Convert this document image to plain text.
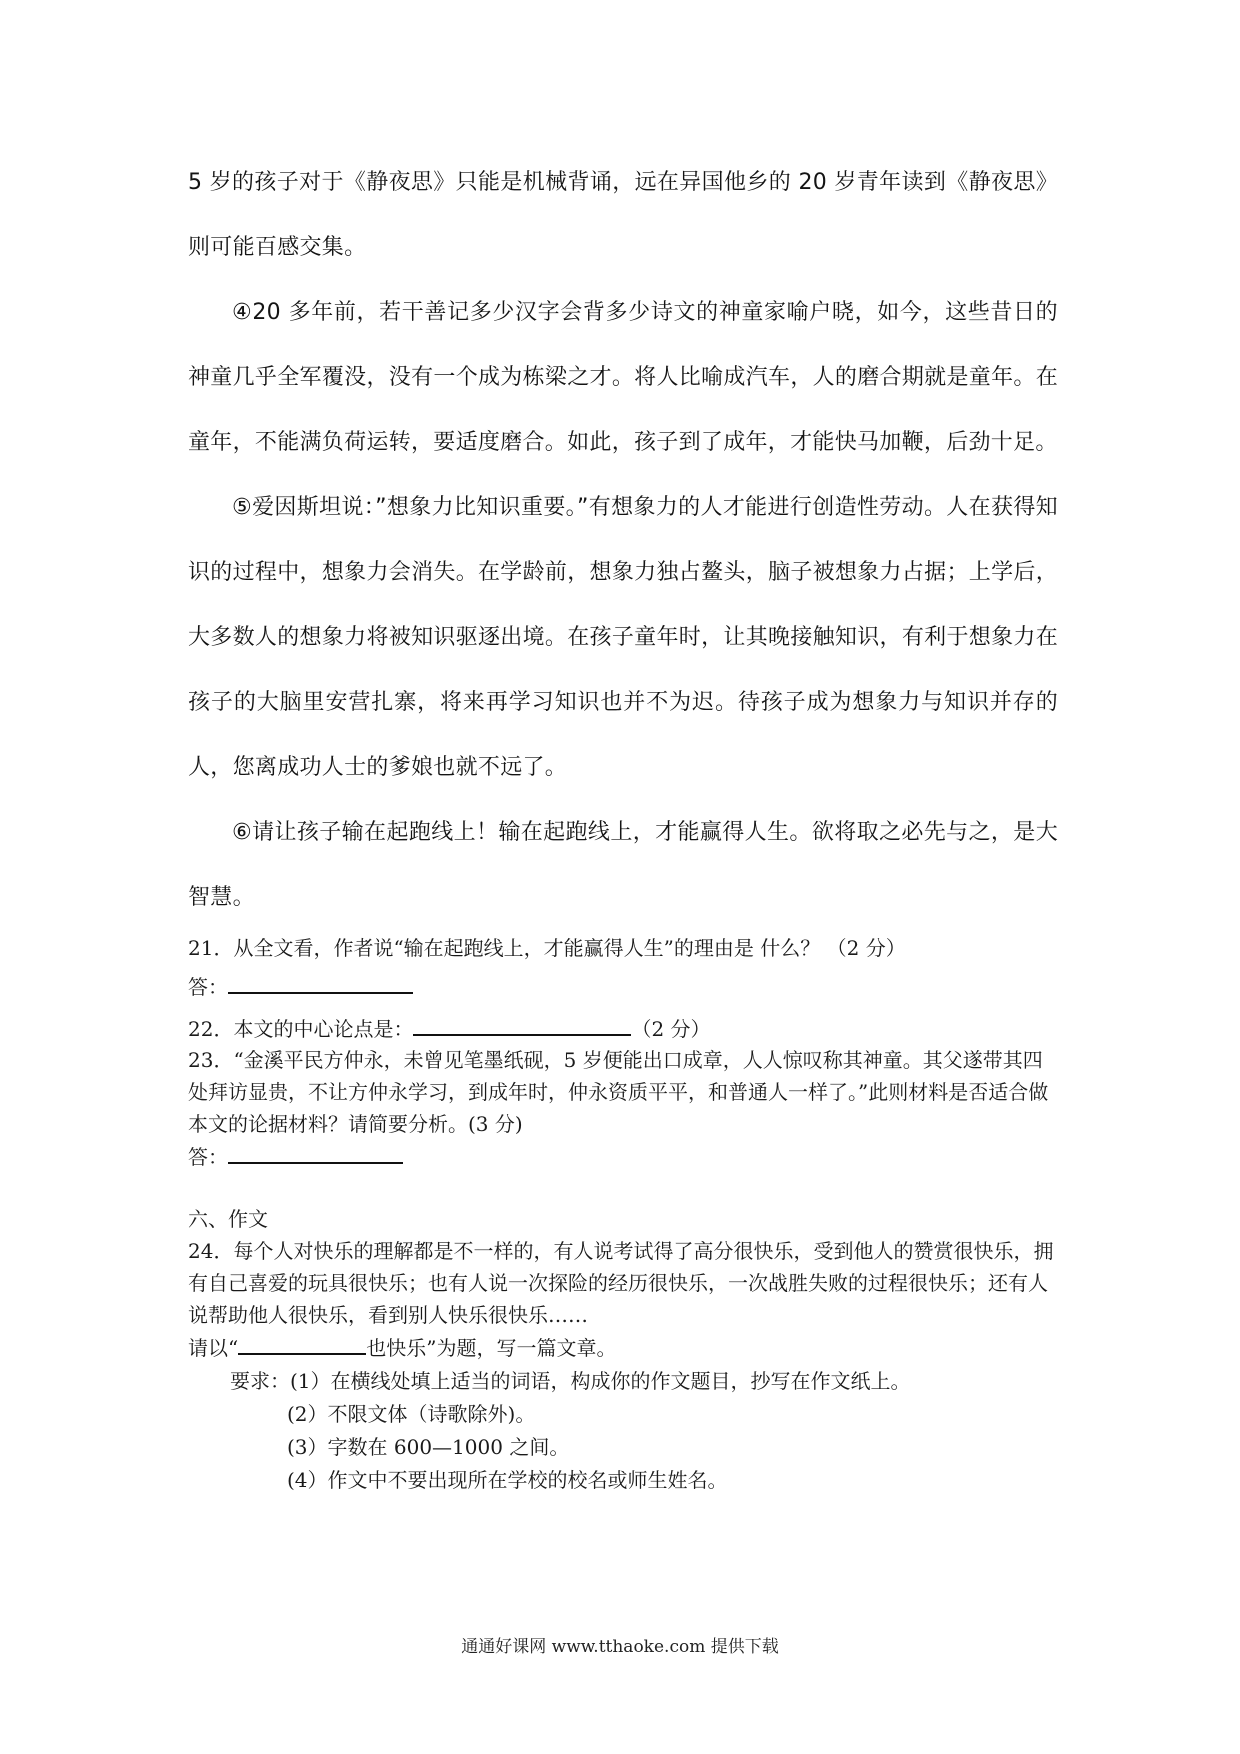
5 岁的孩子对于《静夜思》只能是机械背诵，远在异国他乡的 20 岁青年读到《静夜思》则可能百感交集。

④20 多年前，若干善记多少汉字会背多少诗文的神童家喻户晓，如今，这些昔日的神童几乎全军覆没，没有一个成为栋梁之才。将人比喻成汽车，人的磨合期就是童年。在童年，不能满负荷运转，要适度磨合。如此，孩子到了成年，才能快马加鞭，后劲十足。

⑤爱因斯坦说：”想象力比知识重要。”有想象力的人才能进行创造性劳动。人在获得知识的过程中，想象力会消失。在学龄前，想象力独占鳌头，脑子被想象力占据；上学后，大多数人的想象力将被知识驱逐出境。在孩子童年时，让其晚接触知识，有利于想象力在孩子的大脑里安营扎寨，将来再学习知识也并不为迟。待孩子成为想象力与知识并存的人，您离成功人士的爹娘也就不远了。

⑥请让孩子输在起跑线上！输在起跑线上，才能赢得人生。欲将取之必先与之，是大智慧。

21．从全文看，作者说“输在起跑线上，才能赢得人生”的理由是 什么？ （2 分）

答：

22．本文的中心论点是：	（2 分）

23．“金溪平民方仲永，未曾见笔墨纸砚，5 岁便能出口成章，人人惊叹称其神童。其父遂带其四处拜访显贵，不让方仲永学习，到成年时，仲永资质平平，和普通人一样了。”此则材料是否适合做本文的论据材料？请简要分析。(3 分)

答：

六、作文

24．每个人对快乐的理解都是不一样的，有人说考试得了高分很快乐，受到他人的赞赏很快乐，拥有自己喜爱的玩具很快乐；也有人说一次探险的经历很快乐，一次战胜失败的过程很快乐；还有人说帮助他人很快乐，看到别人快乐很快乐……

请以“	也快乐”为题，写一篇文章。

要求：(1）在横线处填上适当的词语，构成你的作文题目，抄写在作文纸上。

(2）不限文体（诗歌除外)。

(3）字数在 600—1000 之间。

(4）作文中不要出现所在学校的校名或师生姓名。

通通好课网 www.tthaoke.com 提供下载
